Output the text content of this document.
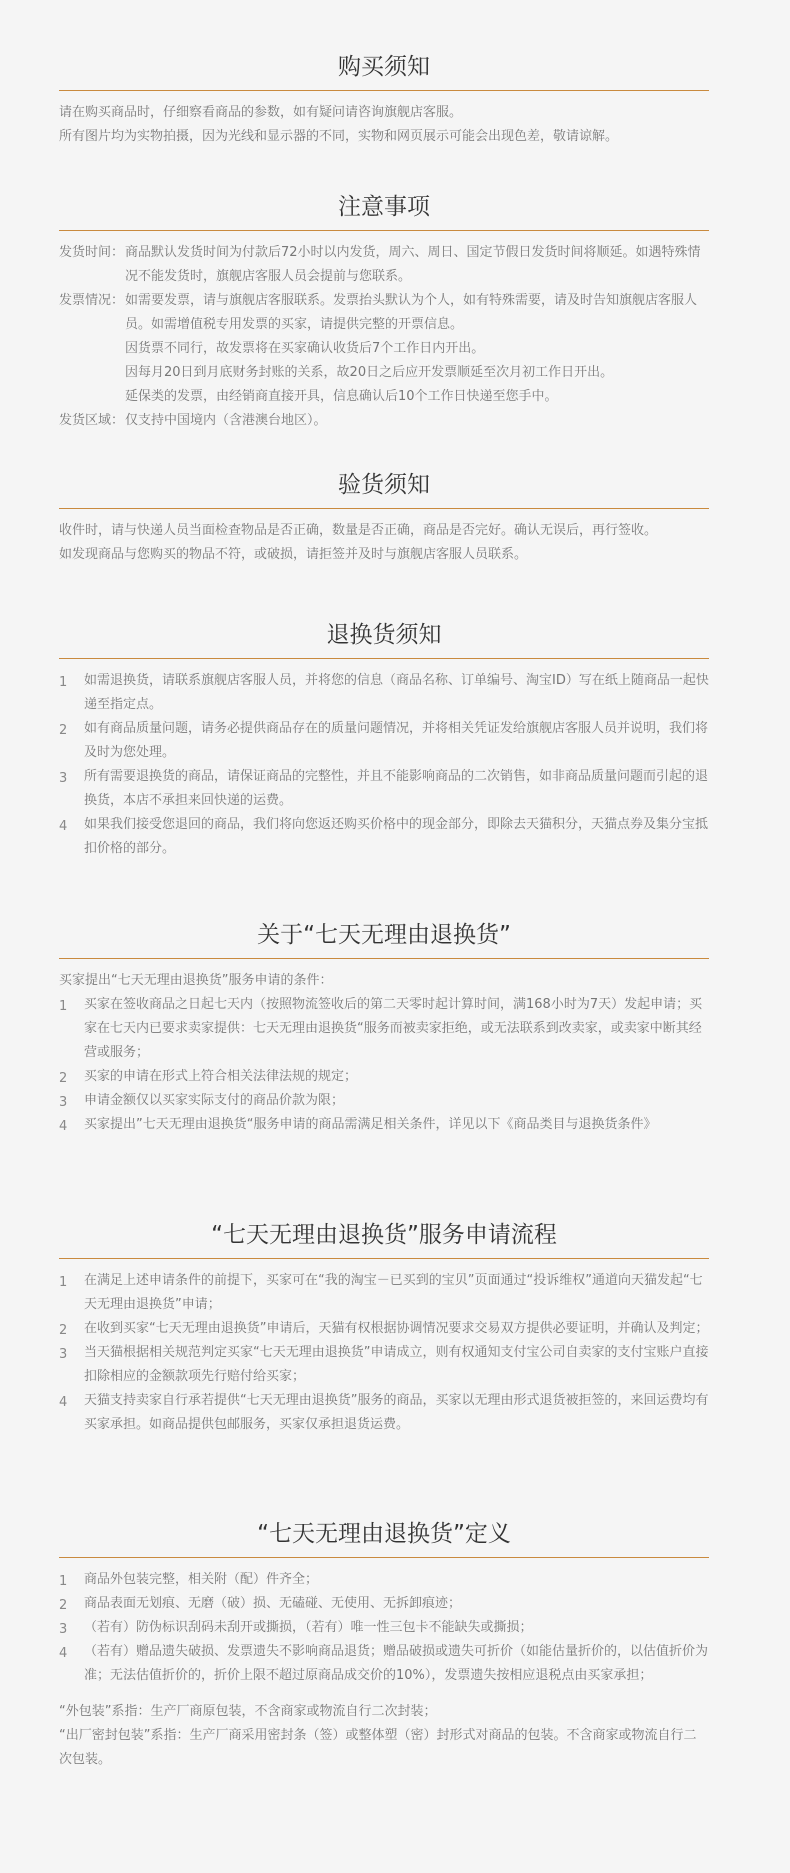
购买须知

请在购买商品时，仔细察看商品的参数，如有疑问请咨询旗舰店客服。

所有图片均为实物拍摄，因为光线和显示器的不同，实物和网页展示可能会出现色差，敬请谅解。

注意事项
发货时间： 商品默认发货时间为付款后72小时以内发货，周六、周日、国定节假日发货时间将顺延。如遇特殊情况不能发货时，旗舰店客服人员会提前与您联系。
发票情况： 如需要发票，请与旗舰店客服联系。发票抬头默认为个人，如有特殊需要，请及时告知旗舰店客服人员。如需增值税专用发票的买家，请提供完整的开票信息。
因货票不同行，故发票将在买家确认收货后7个工作日内开出。
因每月20日到月底财务封账的关系，故20日之后应开发票顺延至次月初工作日开出。
延保类的发票，由经销商直接开具，信息确认后10个工作日快递至您手中。
发货区域： 仅支持中国境内（含港澳台地区）。
验货须知

收件时，请与快递人员当面检查物品是否正确，数量是否正确，商品是否完好。确认无误后，再行签收。

如发现商品与您购买的物品不符，或破损，请拒签并及时与旗舰店客服人员联系。

退换货须知
1	如需退换货，请联系旗舰店客服人员，并将您的信息（商品名称、订单编号、淘宝ID）写在纸上随商品一起快递至指定点。
2	如有商品质量问题，请务必提供商品存在的质量问题情况，并将相关凭证发给旗舰店客服人员并说明，我们将及时为您处理。
3	所有需要退换货的商品，请保证商品的完整性，并且不能影响商品的二次销售，如非商品质量问题而引起的退换货，本店不承担来回快递的运费。
4	如果我们接受您退回的商品，我们将向您返还购买价格中的现金部分，即除去天猫积分，天猫点券及集分宝抵扣价格的部分。
关于“七天无理由退换货”

买家提出“七天无理由退换货”服务申请的条件：

1	买家在签收商品之日起七天内（按照物流签收后的第二天零时起计算时间，满168小时为7天）发起申请；买家在七天内已要求卖家提供：七天无理由退换货“服务而被卖家拒绝，或无法联系到改卖家，或卖家中断其经营或服务；
2	买家的申请在形式上符合相关法律法规的规定；
3	申请金额仅以买家实际支付的商品价款为限；
4	买家提出”七天无理由退换货“服务申请的商品需满足相关条件，详见以下《商品类目与退换货条件》
“七天无理由退换货”服务申请流程
1	在满足上述申请条件的前提下，买家可在“我的淘宝－已买到的宝贝”页面通过“投诉维权”通道向天猫发起“七天无理由退换货”申请；
2	在收到买家“七天无理由退换货”申请后，天猫有权根据协调情况要求交易双方提供必要证明，并确认及判定；
3	当天猫根据相关规范判定买家“七天无理由退换货”申请成立，则有权通知支付宝公司自卖家的支付宝账户直接扣除相应的金额款项先行赔付给买家；
4	天猫支持卖家自行承若提供“七天无理由退换货”服务的商品，买家以无理由形式退货被拒签的，来回运费均有买家承担。如商品提供包邮服务，买家仅承担退货运费。
“七天无理由退换货”定义
1	商品外包装完整，相关附（配）件齐全；
2	商品表面无划痕、无磨（破）损、无磕碰、无使用、无拆卸痕迹；
3	（若有）防伪标识刮码未刮开或撕损，（若有）唯一性三包卡不能缺失或撕损；
4	（若有）赠品遗失破损、发票遗失不影响商品退货；赠品破损或遗失可折价（如能估量折价的，以估值折价为准；无法估值折价的，折价上限不超过原商品成交价的10%），发票遗失按相应退税点由买家承担；

“外包装”系指：生产厂商原包装，不含商家或物流自行二次封装；

“出厂密封包装”系指：生产厂商采用密封条（签）或整体塑（密）封形式对商品的包装。不含商家或物流自行二次包装。
